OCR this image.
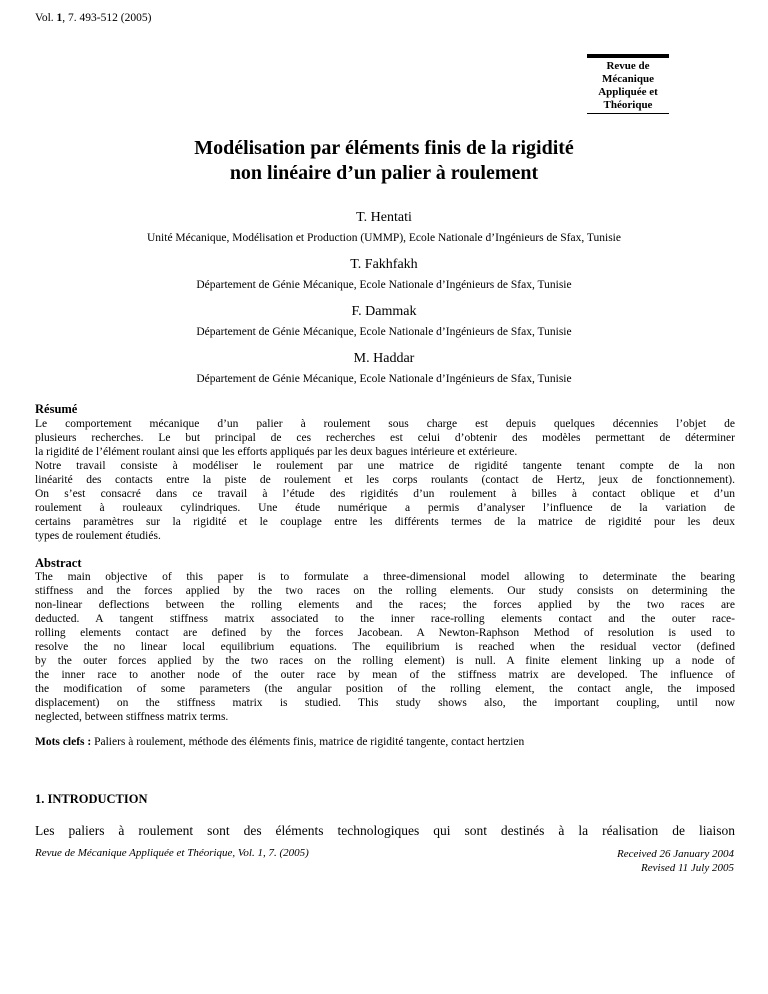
Vol. 1, 7. 493-512 (2005)
Revue de
Mécanique
Appliquée et
Théorique
Modélisation par éléments finis de la rigidité
non linéaire d’un palier à roulement
T. Hentati
Unité Mécanique, Modélisation et Production (UMMP), Ecole Nationale d’Ingénieurs de Sfax, Tunisie
T. Fakhfakh
Département de Génie Mécanique, Ecole Nationale d’Ingénieurs de Sfax, Tunisie
F. Dammak
Département de Génie Mécanique, Ecole Nationale d’Ingénieurs de Sfax, Tunisie
M. Haddar
Département de Génie Mécanique, Ecole Nationale d’Ingénieurs de Sfax, Tunisie
Résumé
Le comportement mécanique d’un palier à roulement sous charge est depuis quelques décennies l’objet de
plusieurs recherches. Le but principal de ces recherches est celui d’obtenir des modèles permettant de déterminer
la rigidité de l’élément roulant ainsi que les efforts appliqués par les deux bagues intérieure et extérieure.
Notre travail consiste à modéliser le roulement par une matrice de rigidité tangente tenant compte de la non
linéarité des contacts entre la piste de roulement et les corps roulants (contact de Hertz, jeux de fonctionnement).
On s’est consacré dans ce travail à l’étude des rigidités d’un roulement à billes à contact oblique et d’un
roulement à rouleaux cylindriques. Une étude numérique a permis d’analyser l’influence de la variation de
certains paramètres sur la rigidité et le couplage entre les différents termes de la matrice de rigidité pour les deux
types de roulement étudiés.
Abstract
The main objective of this paper is to formulate a three-dimensional model allowing to determinate the bearing
stiffness and the forces applied by the two races on the rolling elements. Our study consists on determining the
non-linear deflections between the rolling elements and the races; the forces applied by the two races are
deducted. A tangent stiffness matrix associated to the inner race-rolling elements contact and the outer race-
rolling elements contact are defined by the forces Jacobean. A Newton-Raphson Method of resolution is used to
resolve the no linear local equilibrium equations. The equilibrium is reached when the residual vector (defined
by the outer forces applied by the two races on the rolling element) is null. A finite element linking up a node of
the inner race to another node of the outer race by mean of the stiffness matrix are developed. The influence of
the modification of some parameters (the angular position of the rolling element, the contact angle, the imposed
displacement) on the stiffness matrix is studied. This study shows also, the important coupling, until now
neglected, between stiffness matrix terms.
Mots clefs : Paliers à roulement, méthode des éléments finis, matrice de rigidité tangente, contact hertzien
1. INTRODUCTION
Les paliers à roulement sont des éléments technologiques qui sont destinés à la réalisation de liaison
Revue de Mécanique Appliquée et Théorique, Vol. 1, 7. (2005)	Received 26 January 2004
Revised 11 July 2005
